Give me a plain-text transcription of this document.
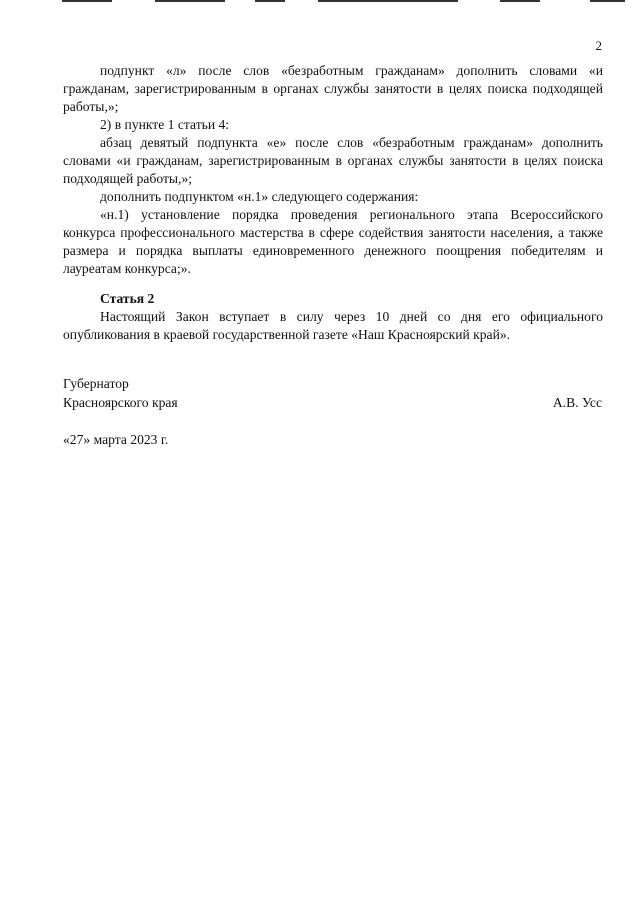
2

подпункт «л» после слов «безработным гражданам» дополнить словами «и гражданам, зарегистрированным в органах службы занятости в целях поиска подходящей работы,»;

2) в пункте 1 статьи 4:

абзац девятый подпункта «е» после слов «безработным гражданам» дополнить словами «и гражданам, зарегистрированным в органах службы занятости в целях поиска подходящей работы,»;

дополнить подпунктом «н.1» следующего содержания:

«н.1) установление порядка проведения регионального этапа Всероссийского конкурса профессионального мастерства в сфере содействия занятости населения, а также размера и порядка выплаты единовременного денежного поощрения победителям и лауреатам конкурса;».

Статья 2

Настоящий Закон вступает в силу через 10 дней со дня его официального опубликования в краевой государственной газете «Наш Красноярский край».

Губернатор
Красноярского края	А.В. Усс
«27» марта 2023 г.
